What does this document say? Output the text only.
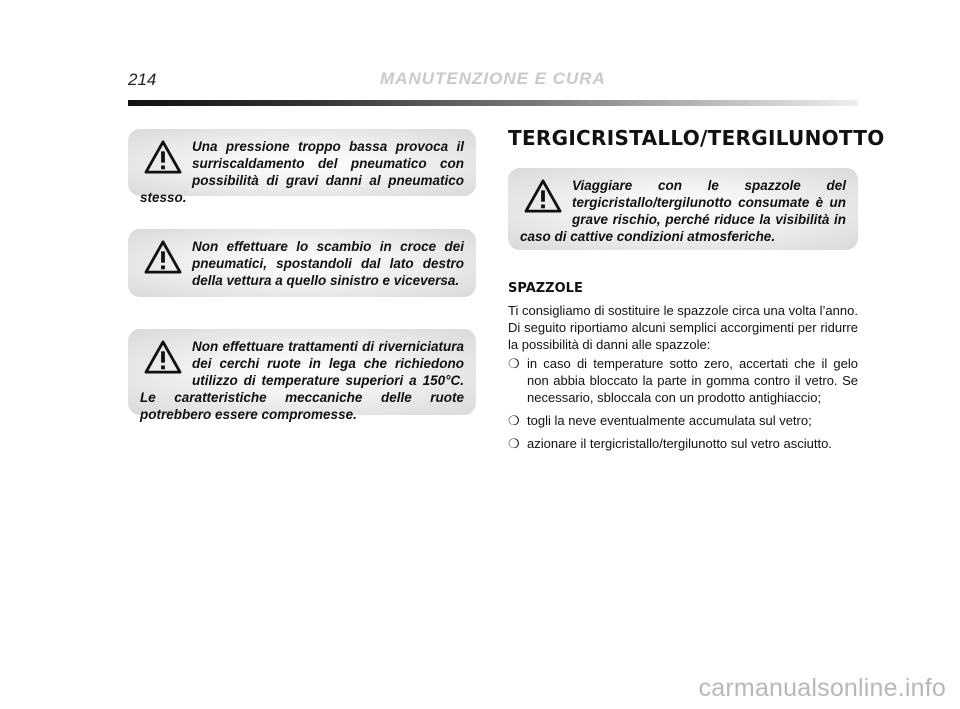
214	MANUTENZIONE E CURA

Una pressione troppo bassa provoca il surriscaldamento del pneumatico con possibilità di gravi danni al pneumatico stesso.

Non effettuare lo scambio in croce dei pneumatici, spostandoli dal lato destro della vettura a quello sinistro e viceversa.

Non effettuare trattamenti di riverniciatura dei cerchi ruote in lega che richiedono utilizzo di temperature superiori a 150°C. Le caratteristiche meccaniche delle ruote potrebbero essere compromesse.

TERGICRISTALLO/TERGILUNOTTO

Viaggiare con le spazzole del tergicristallo/tergilunotto consumate è un grave rischio, perché riduce la visibilità in caso di cattive condizioni atmosferiche.

SPAZZOLE

Ti consigliamo di sostituire le spazzole circa una volta l’anno.

Di seguito riportiamo alcuni semplici accorgimenti per ridurre la possibilità di danni alle spazzole:

❍ in caso di temperature sotto zero, accertati che il gelo non abbia bloccato la parte in gomma contro il vetro. Se necessario, sbloccala con un prodotto antighiaccio;
❍ togli la neve eventualmente accumulata sul vetro;
❍ azionare il tergicristallo/tergilunotto sul vetro asciutto.
carmanualsonline.info
